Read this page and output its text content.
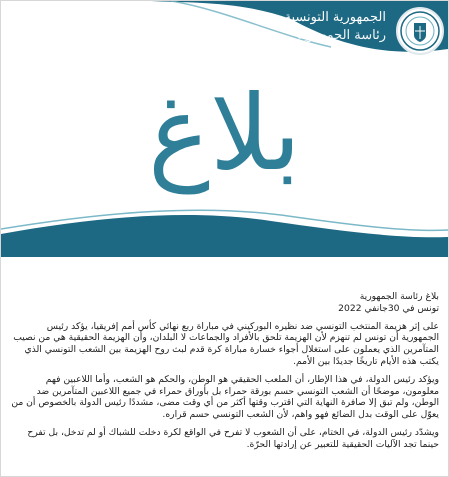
الجمهورية التونسية
رئاسة الجمهورية
بلاغ

بلاغ رئاسة الجمهورية

تونس في 30جانفي 2022

على إثر هزيمة المنتخب التونسي ضد نظيره البوركيني في مباراة ربع نهائي كأس أمم إفريقيا، يؤكد رئيس الجمهورية أن تونس لم تنهزم لأن الهزيمة تلحق بالأفراد والجماعات لا البلدان، وأن الهزيمة الحقيقية هي من نصيب المتآمرين الذي يعملون على استغلال أجواء خسارة مباراة كرة قدم لبث روح الهزيمة بين الشعب التونسي الذي يكتب هذه الأيام تاريخًا جديدًا بين الأمم.

ويؤكد رئيس الدولة، في هذا الإطار، أن الملعب الحقيقي هو الوطن، والحكم هو الشعب، وأما اللاعبين فهم معلومون، موضحًا أن الشعب التونسي حسم بورقة حمراء بل بأوراق حمراء في جميع اللاعبين المتآمرين ضد الوطن، ولم تبق إلا صافرة النهاية التي اقترب وقتها أكثر من أي وقت مضى، مشددًا رئيس الدولة بالخصوص أن من يعوّل على الوقت بدل الضائع فهو واهم، لأن الشعب التونسي حسم قراره.

ويشدّد رئيس الدولة، في الختام، على أن الشعوب لا تفرح في الواقع لكرة دخلت للشباك أو لم تدخل، بل تفرح حينما تجد الآليات الحقيقية للتعبير عن إرادتها الحرّة.
